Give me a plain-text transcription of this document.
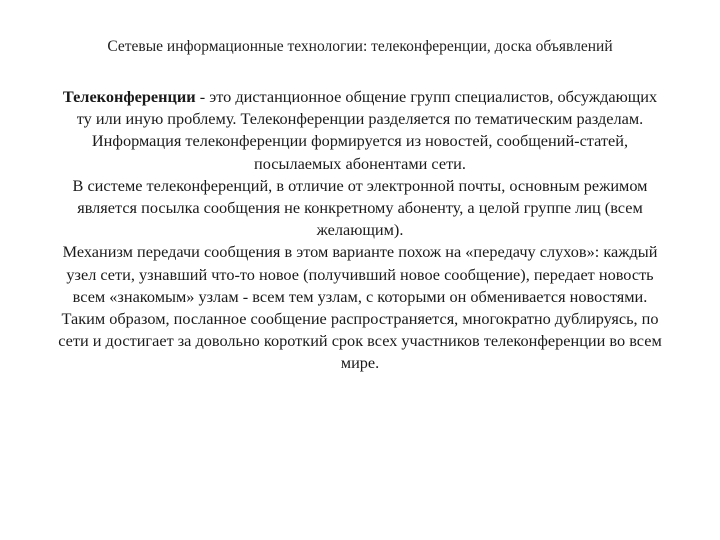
Сетевые информационные технологии: телеконференции, доска объявлений

Телеконференции - это дистанционное общение групп специалистов, обсуждающих ту или иную проблему. Телеконференции разделяется по тематическим разделам. Информация телеконференции формируется из новостей, сообщений-статей, посылаемых абонентами сети.

В системе телеконференций, в отличие от электронной почты, основным режимом является посылка сообщения не конкретному абоненту, а целой группе лиц (всем желающим).

Механизм передачи сообщения в этом варианте похож на «передачу слухов»: каждый узел сети, узнавший что-то новое (получивший новое сообщение), передает новость всем «знакомым» узлам - всем тем узлам, с которыми он обменивается новостями. Таким образом, посланное сообщение распространяется, многократно дублируясь, по сети и достигает за довольно короткий срок всех участников телеконференции во всем мире.
